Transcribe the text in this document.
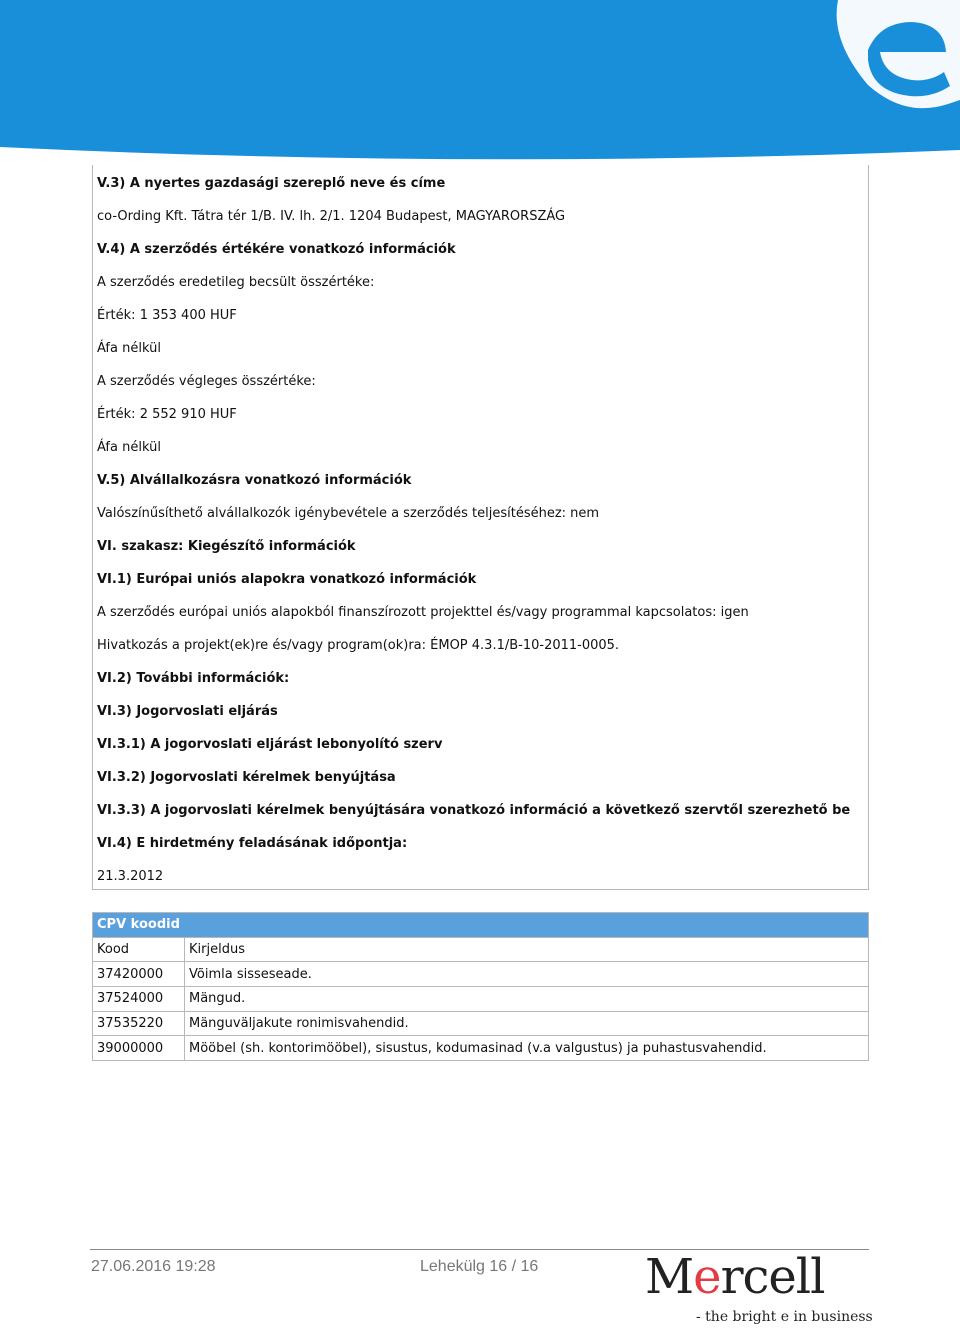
V.3) A nyertes gazdasági szereplő neve és címe
co-Ording Kft. Tátra tér 1/B. IV. lh. 2/1. 1204 Budapest, MAGYARORSZÁG
V.4) A szerződés értékére vonatkozó információk
A szerződés eredetileg becsült összértéke:
Érték: 1 353 400 HUF
Áfa nélkül
A szerződés végleges összértéke:
Érték: 2 552 910 HUF
Áfa nélkül
V.5) Alvállalkozásra vonatkozó információk
Valószínűsíthető alvállalkozók igénybevétele a szerződés teljesítéséhez: nem
VI. szakasz: Kiegészítő információk
VI.1) Európai uniós alapokra vonatkozó információk
A szerződés európai uniós alapokból finanszírozott projekttel és/vagy programmal kapcsolatos: igen
Hivatkozás a projekt(ek)re és/vagy program(ok)ra: ÉMOP 4.3.1/B-10-2011-0005.
VI.2) További információk:
VI.3) Jogorvoslati eljárás
VI.3.1) A jogorvoslati eljárást lebonyolító szerv
VI.3.2) Jogorvoslati kérelmek benyújtása
VI.3.3) A jogorvoslati kérelmek benyújtására vonatkozó információ a következő szervtől szerezhető be
VI.4) E hirdetmény feladásának időpontja:
21.3.2012
CPV koodid	
Kood	Kirjeldus
37420000	Võimla sisseseade.
37524000	Mängud.
37535220	Mänguväljakute ronimisvahendid.
39000000	Mööbel (sh. kontorimööbel), sisustus, kodumasinad (v.a valgustus) ja puhastusvahendid.
27.06.2016 19:28	Lehekülg 16 / 16 Mercell
- the bright e in business
